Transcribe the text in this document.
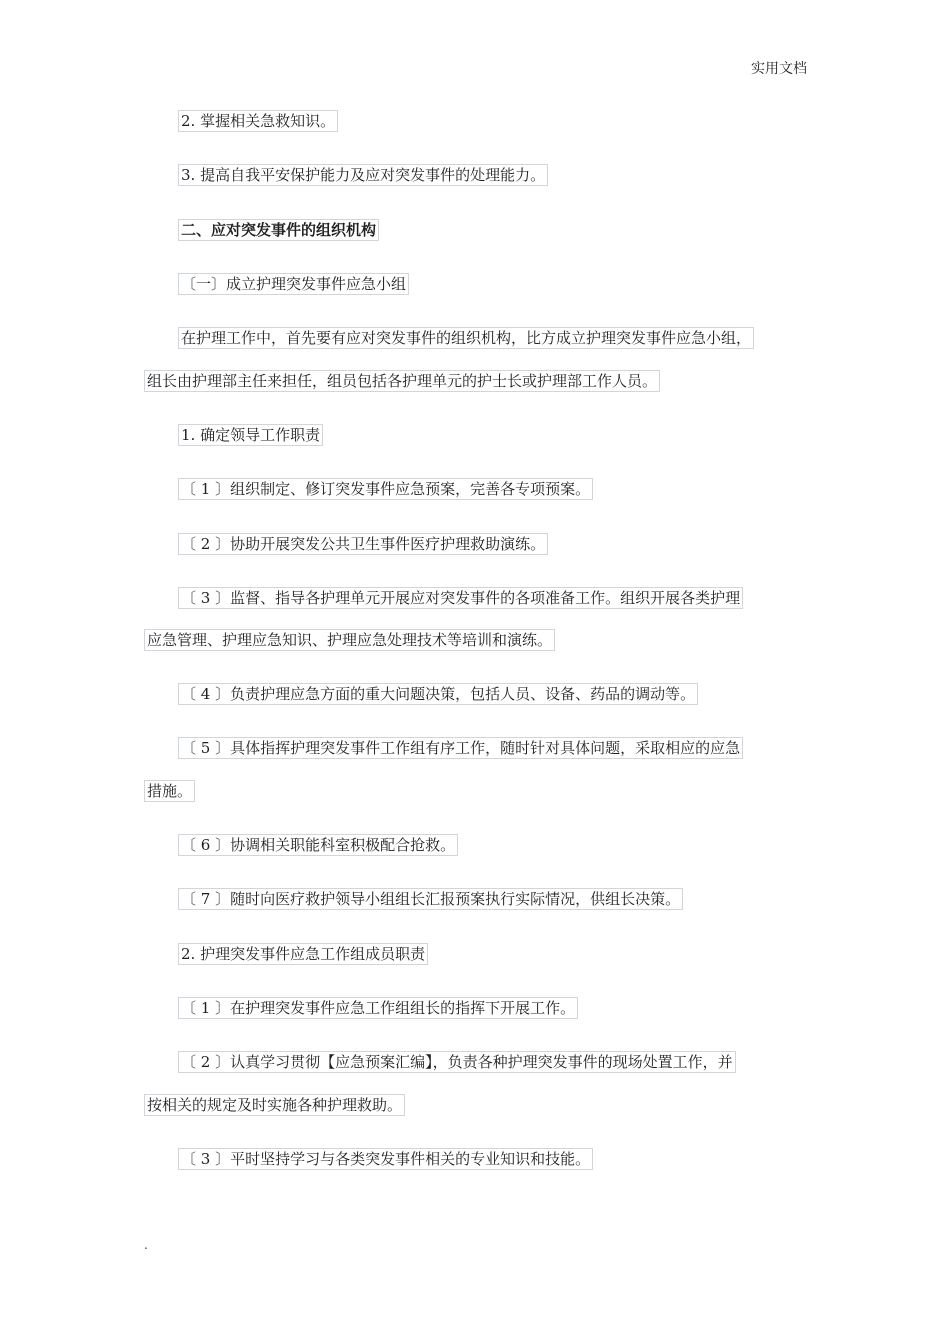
实用文档
2. 掌握相关急救知识。
3. 提高自我平安保护能力及应对突发事件的处理能力。
二、应对突发事件的组织机构
〔一〕成立护理突发事件应急小组
在护理工作中，首先要有应对突发事件的组织机构，比方成立护理突发事件应急小组，
组长由护理部主任来担任，组员包括各护理单元的护士长或护理部工作人员。
1. 确定领导工作职责
〔 1 〕组织制定、修订突发事件应急预案，完善各专项预案。
〔 2 〕协助开展突发公共卫生事件医疗护理救助演练。
〔 3 〕监督、指导各护理单元开展应对突发事件的各项准备工作。组织开展各类护理
应急管理、护理应急知识、护理应急处理技术等培训和演练。
〔 4 〕负责护理应急方面的重大问题决策，包括人员、设备、药品的调动等。
〔 5 〕具体指挥护理突发事件工作组有序工作，随时针对具体问题，采取相应的应急
措施。
〔 6 〕协调相关职能科室积极配合抢救。
〔 7 〕随时向医疗救护领导小组组长汇报预案执行实际情况，供组长决策。
2. 护理突发事件应急工作组成员职责
〔 1 〕在护理突发事件应急工作组组长的指挥下开展工作。
〔 2 〕认真学习贯彻【应急预案汇编】，负责各种护理突发事件的现场处置工作，并
按相关的规定及时实施各种护理救助。
〔 3 〕平时坚持学习与各类突发事件相关的专业知识和技能。
.
